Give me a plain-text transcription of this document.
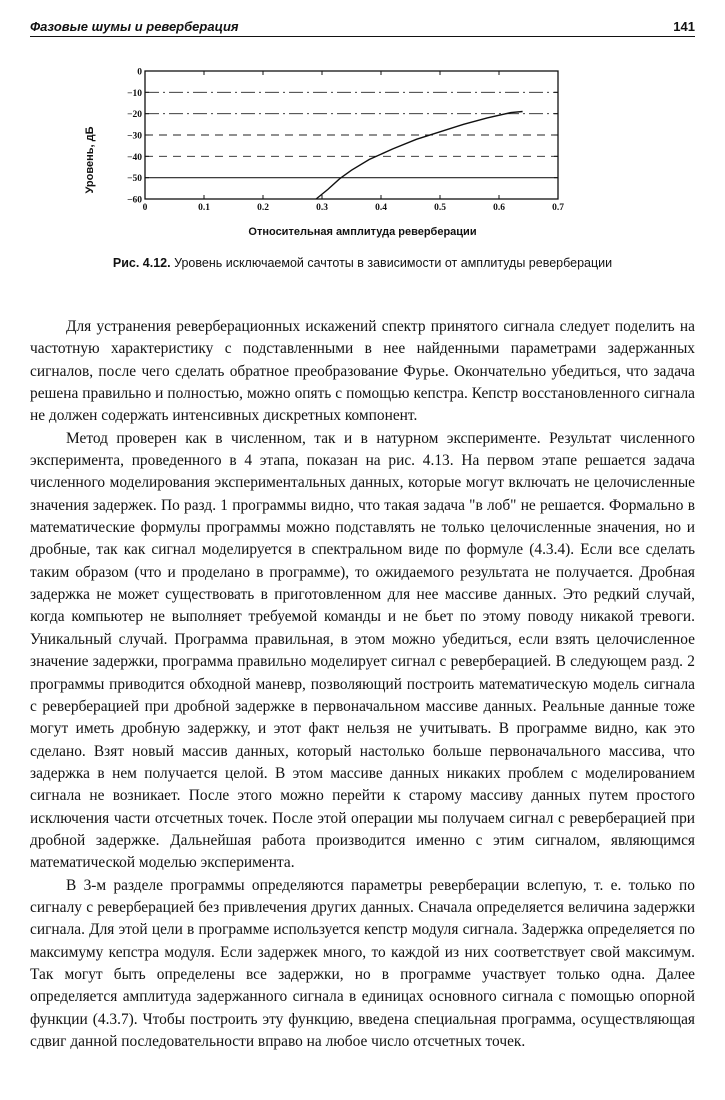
Фазовые шумы и реверберация	141
Уровень, дБ
0	0.1	0.2	0.3	0.4	0.5	0.6	0.7
0
−10
−20
−30
−40
−50
−60
Относительная амплитуда реверберации
Рис. 4.12. Уровень исключаемой сачтоты в зависимости от амплитуды реверберации

Для устранения реверберационных искажений спектр принятого сигнала следует поделить на частотную характеристику с подставленными в нее найденными параметрами задержанных сигналов, после чего сделать обратное преобразование Фурье. Окончательно убедиться, что задача решена правильно и полностью, можно опять с помощью кепстра. Кепстр восстановленного сигнала не должен содержать интенсивных дискретных компонент.

Метод проверен как в численном, так и в натурном эксперименте. Результат численного эксперимента, проведенного в 4 этапа, показан на рис. 4.13. На первом этапе решается задача численного моделирования экспериментальных данных, которые могут включать не целочисленные значения задержек. По разд. 1 программы видно, что такая задача "в лоб" не решается. Формально в математические формулы программы можно подставлять не только целочисленные значения, но и дробные, так как сигнал моделируется в спектральном виде по формуле (4.3.4). Если все сделать таким образом (что и проделано в программе), то ожидаемого результата не получается. Дробная задержка не может существовать в приготовленном для нее массиве данных. Это редкий случай, когда компьютер не выполняет требуемой команды и не бьет по этому поводу никакой тревоги. Уникальный случай. Программа правильная, в этом можно убедиться, если взять целочисленное значение задержки, программа правильно моделирует сигнал с реверберацией. В следующем разд. 2 программы приводится обходной маневр, позволяющий построить математическую модель сигнала с реверберацией при дробной задержке в первоначальном массиве данных. Реальные данные тоже могут иметь дробную задержку, и этот факт нельзя не учитывать. В программе видно, как это сделано. Взят новый массив данных, который настолько больше первоначального массива, что задержка в нем получается целой. В этом массиве данных никаких проблем с моделированием сигнала не возникает. После этого можно перейти к старому массиву данных путем простого исключения части отсчетных точек. После этой операции мы получаем сигнал с реверберацией при дробной задержке. Дальнейшая работа производится именно с этим сигналом, являющимся математической моделью эксперимента.

В 3-м разделе программы определяются параметры реверберации вслепую, т. е. только по сигналу с реверберацией без привлечения других данных. Сначала определяется величина задержки сигнала. Для этой цели в программе используется кепстр модуля сигнала. Задержка определяется по максимуму кепстра модуля. Если задержек много, то каждой из них соответствует свой максимум. Так могут быть определены все задержки, но в программе участвует только одна. Далее определяется амплитуда задержанного сигнала в единицах основного сигнала с помощью опорной функции (4.3.7). Чтобы построить эту функцию, введена специальная программа, осуществляющая сдвиг данной последовательности вправо на любое число отсчетных точек.
